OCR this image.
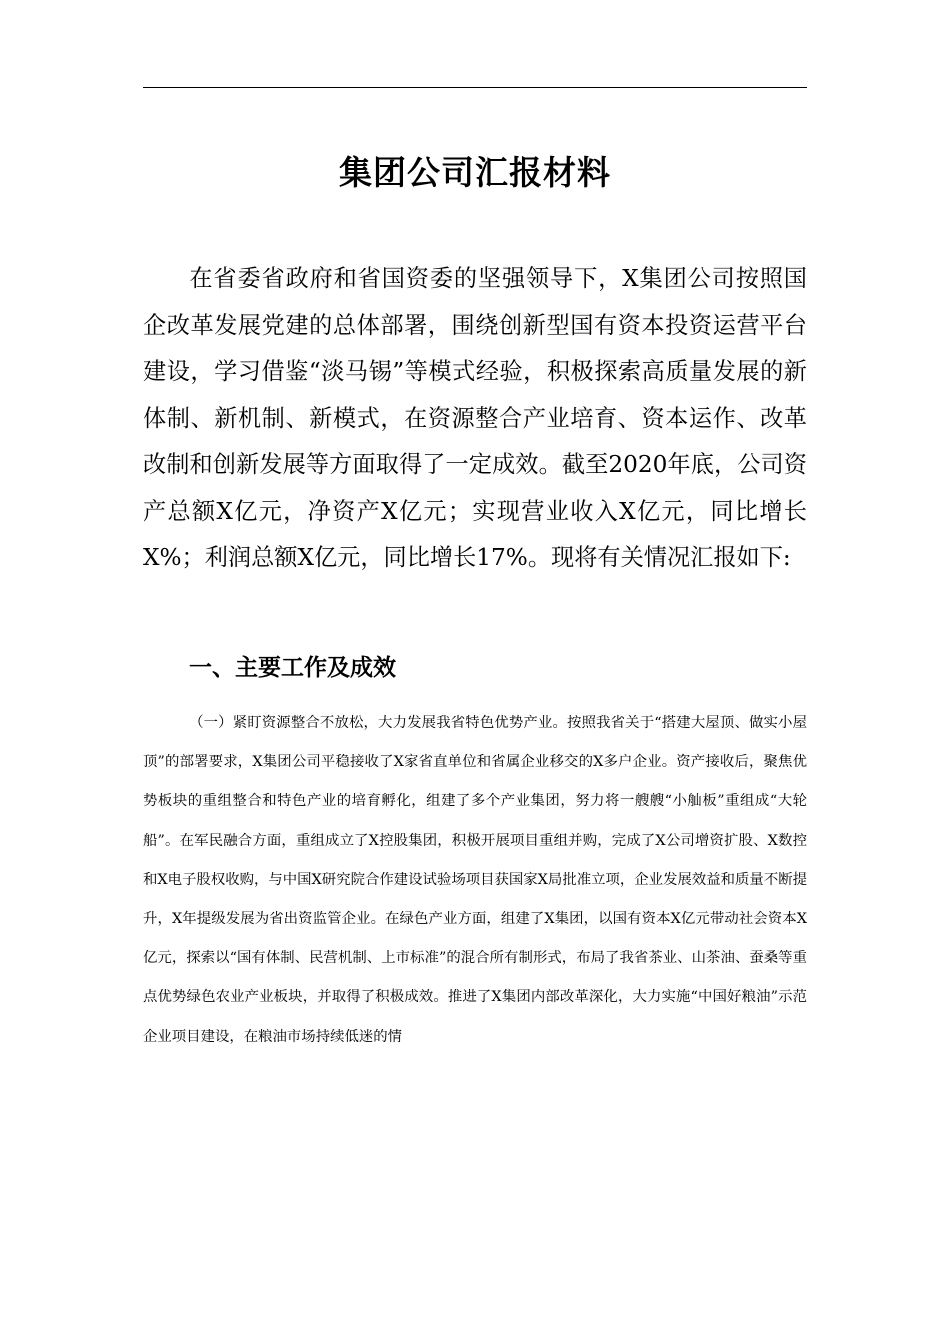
集团公司汇报材料

在省委省政府和省国资委的坚强领导下，X集团公司按照国企改革发展党建的总体部署，围绕创新型国有资本投资运营平台建设，学习借鉴“淡马锡”等模式经验，积极探索高质量发展的新体制、新机制、新模式，在资源整合产业培育、资本运作、改革改制和创新发展等方面取得了一定成效。截至2020年底，公司资产总额X亿元，净资产X亿元；实现营业收入X亿元，同比增长X%；利润总额X亿元，同比增长17%。现将有关情况汇报如下:

一、主要工作及成效

（一）紧盯资源整合不放松，大力发展我省特色优势产业。按照我省关于“搭建大屋顶、做实小屋顶”的部署要求，X集团公司平稳接收了X家省直单位和省属企业移交的X多户企业。资产接收后，聚焦优势板块的重组整合和特色产业的培育孵化，组建了多个产业集团，努力将一艘艘“小舢板”重组成“大轮船”。在军民融合方面，重组成立了X控股集团，积极开展项目重组并购，完成了X公司增资扩股、X数控和X电子股权收购，与中国X研究院合作建设试验场项目获国家X局批准立项，企业发展效益和质量不断提升，X年提级发展为省出资监管企业。在绿色产业方面，组建了X集团，以国有资本X亿元带动社会资本X亿元，探索以“国有体制、民营机制、上市标准”的混合所有制形式，布局了我省茶业、山茶油、蚕桑等重点优势绿色农业产业板块，并取得了积极成效。推进了X集团内部改革深化，大力实施“中国好粮油”示范企业项目建设，在粮油市场持续低迷的情
